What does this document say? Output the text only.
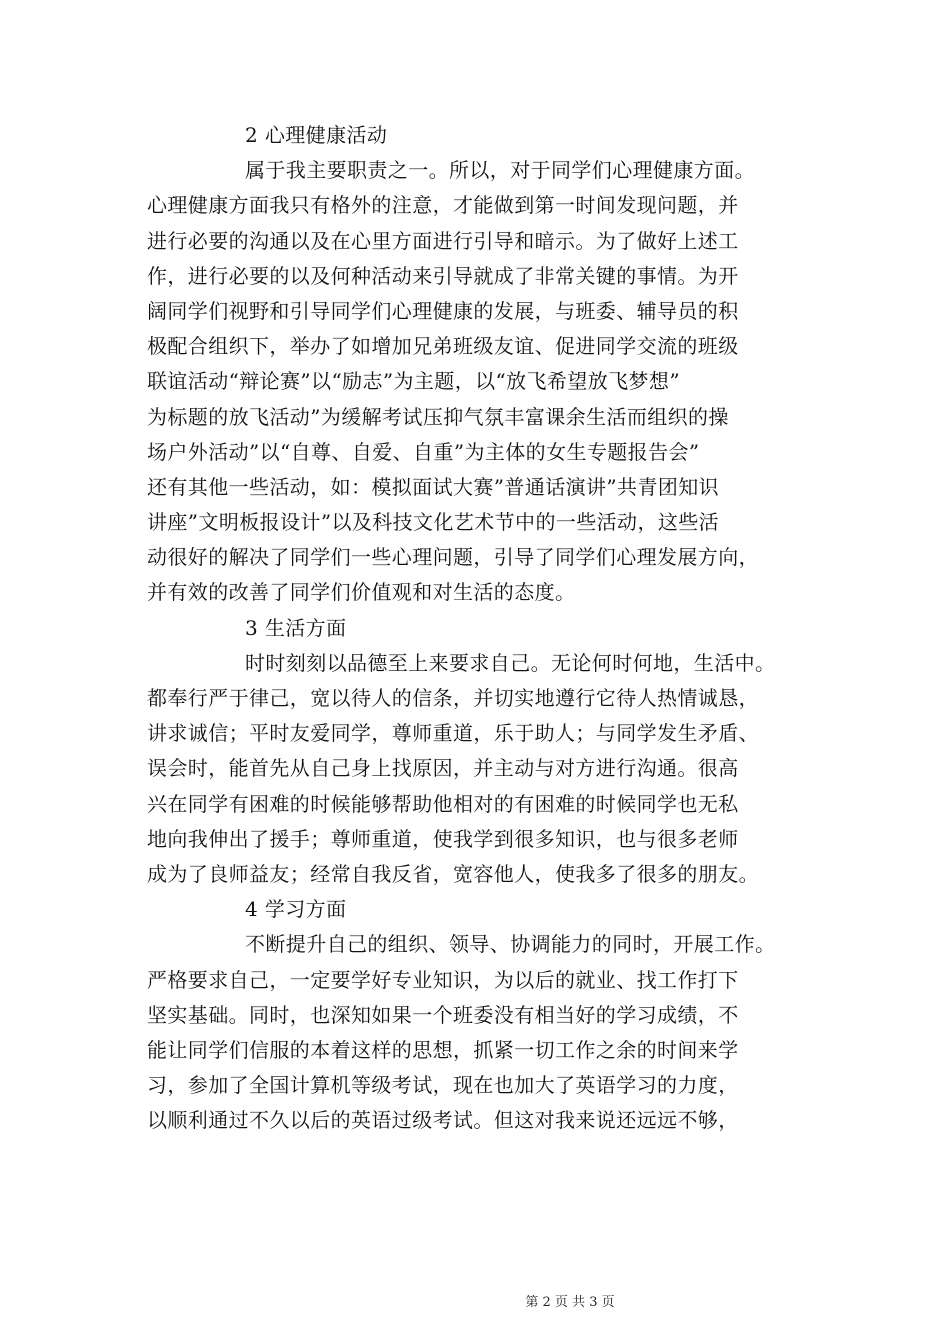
2 心理健康活动
属于我主要职责之一。所以，对于同学们心理健康方面。
心理健康方面我只有格外的注意，才能做到第一时间发现问题，并
进行必要的沟通以及在心里方面进行引导和暗示。为了做好上述工
作，进行必要的以及何种活动来引导就成了非常关键的事情。为开
阔同学们视野和引导同学们心理健康的发展，与班委、辅导员的积
极配合组织下，举办了如增加兄弟班级友谊、促进同学交流的班级
联谊活动“辩论赛”以“励志”为主题，以“放飞希望放飞梦想”
为标题的放飞活动”为缓解考试压抑气氛丰富课余生活而组织的操
场户外活动”以“自尊、自爱、自重”为主体的女生专题报告会”
还有其他一些活动，如：模拟面试大赛”普通话演讲”共青团知识
讲座”文明板报设计”以及科技文化艺术节中的一些活动，这些活
动很好的解决了同学们一些心理问题，引导了同学们心理发展方向，
并有效的改善了同学们价值观和对生活的态度。
3 生活方面
时时刻刻以品德至上来要求自己。无论何时何地，生活中。
都奉行严于律己，宽以待人的信条，并切实地遵行它待人热情诚恳，
讲求诚信；平时友爱同学，尊师重道，乐于助人；与同学发生矛盾、
误会时，能首先从自己身上找原因，并主动与对方进行沟通。很高
兴在同学有困难的时候能够帮助他相对的有困难的时候同学也无私
地向我伸出了援手；尊师重道，使我学到很多知识，也与很多老师
成为了良师益友；经常自我反省，宽容他人，使我多了很多的朋友。
4 学习方面
不断提升自己的组织、领导、协调能力的同时，开展工作。
严格要求自己，一定要学好专业知识，为以后的就业、找工作打下
坚实基础。同时，也深知如果一个班委没有相当好的学习成绩，不
能让同学们信服的本着这样的思想，抓紧一切工作之余的时间来学
习，参加了全国计算机等级考试，现在也加大了英语学习的力度，
以顺利通过不久以后的英语过级考试。但这对我来说还远远不够，
第 2 页 共 3 页
